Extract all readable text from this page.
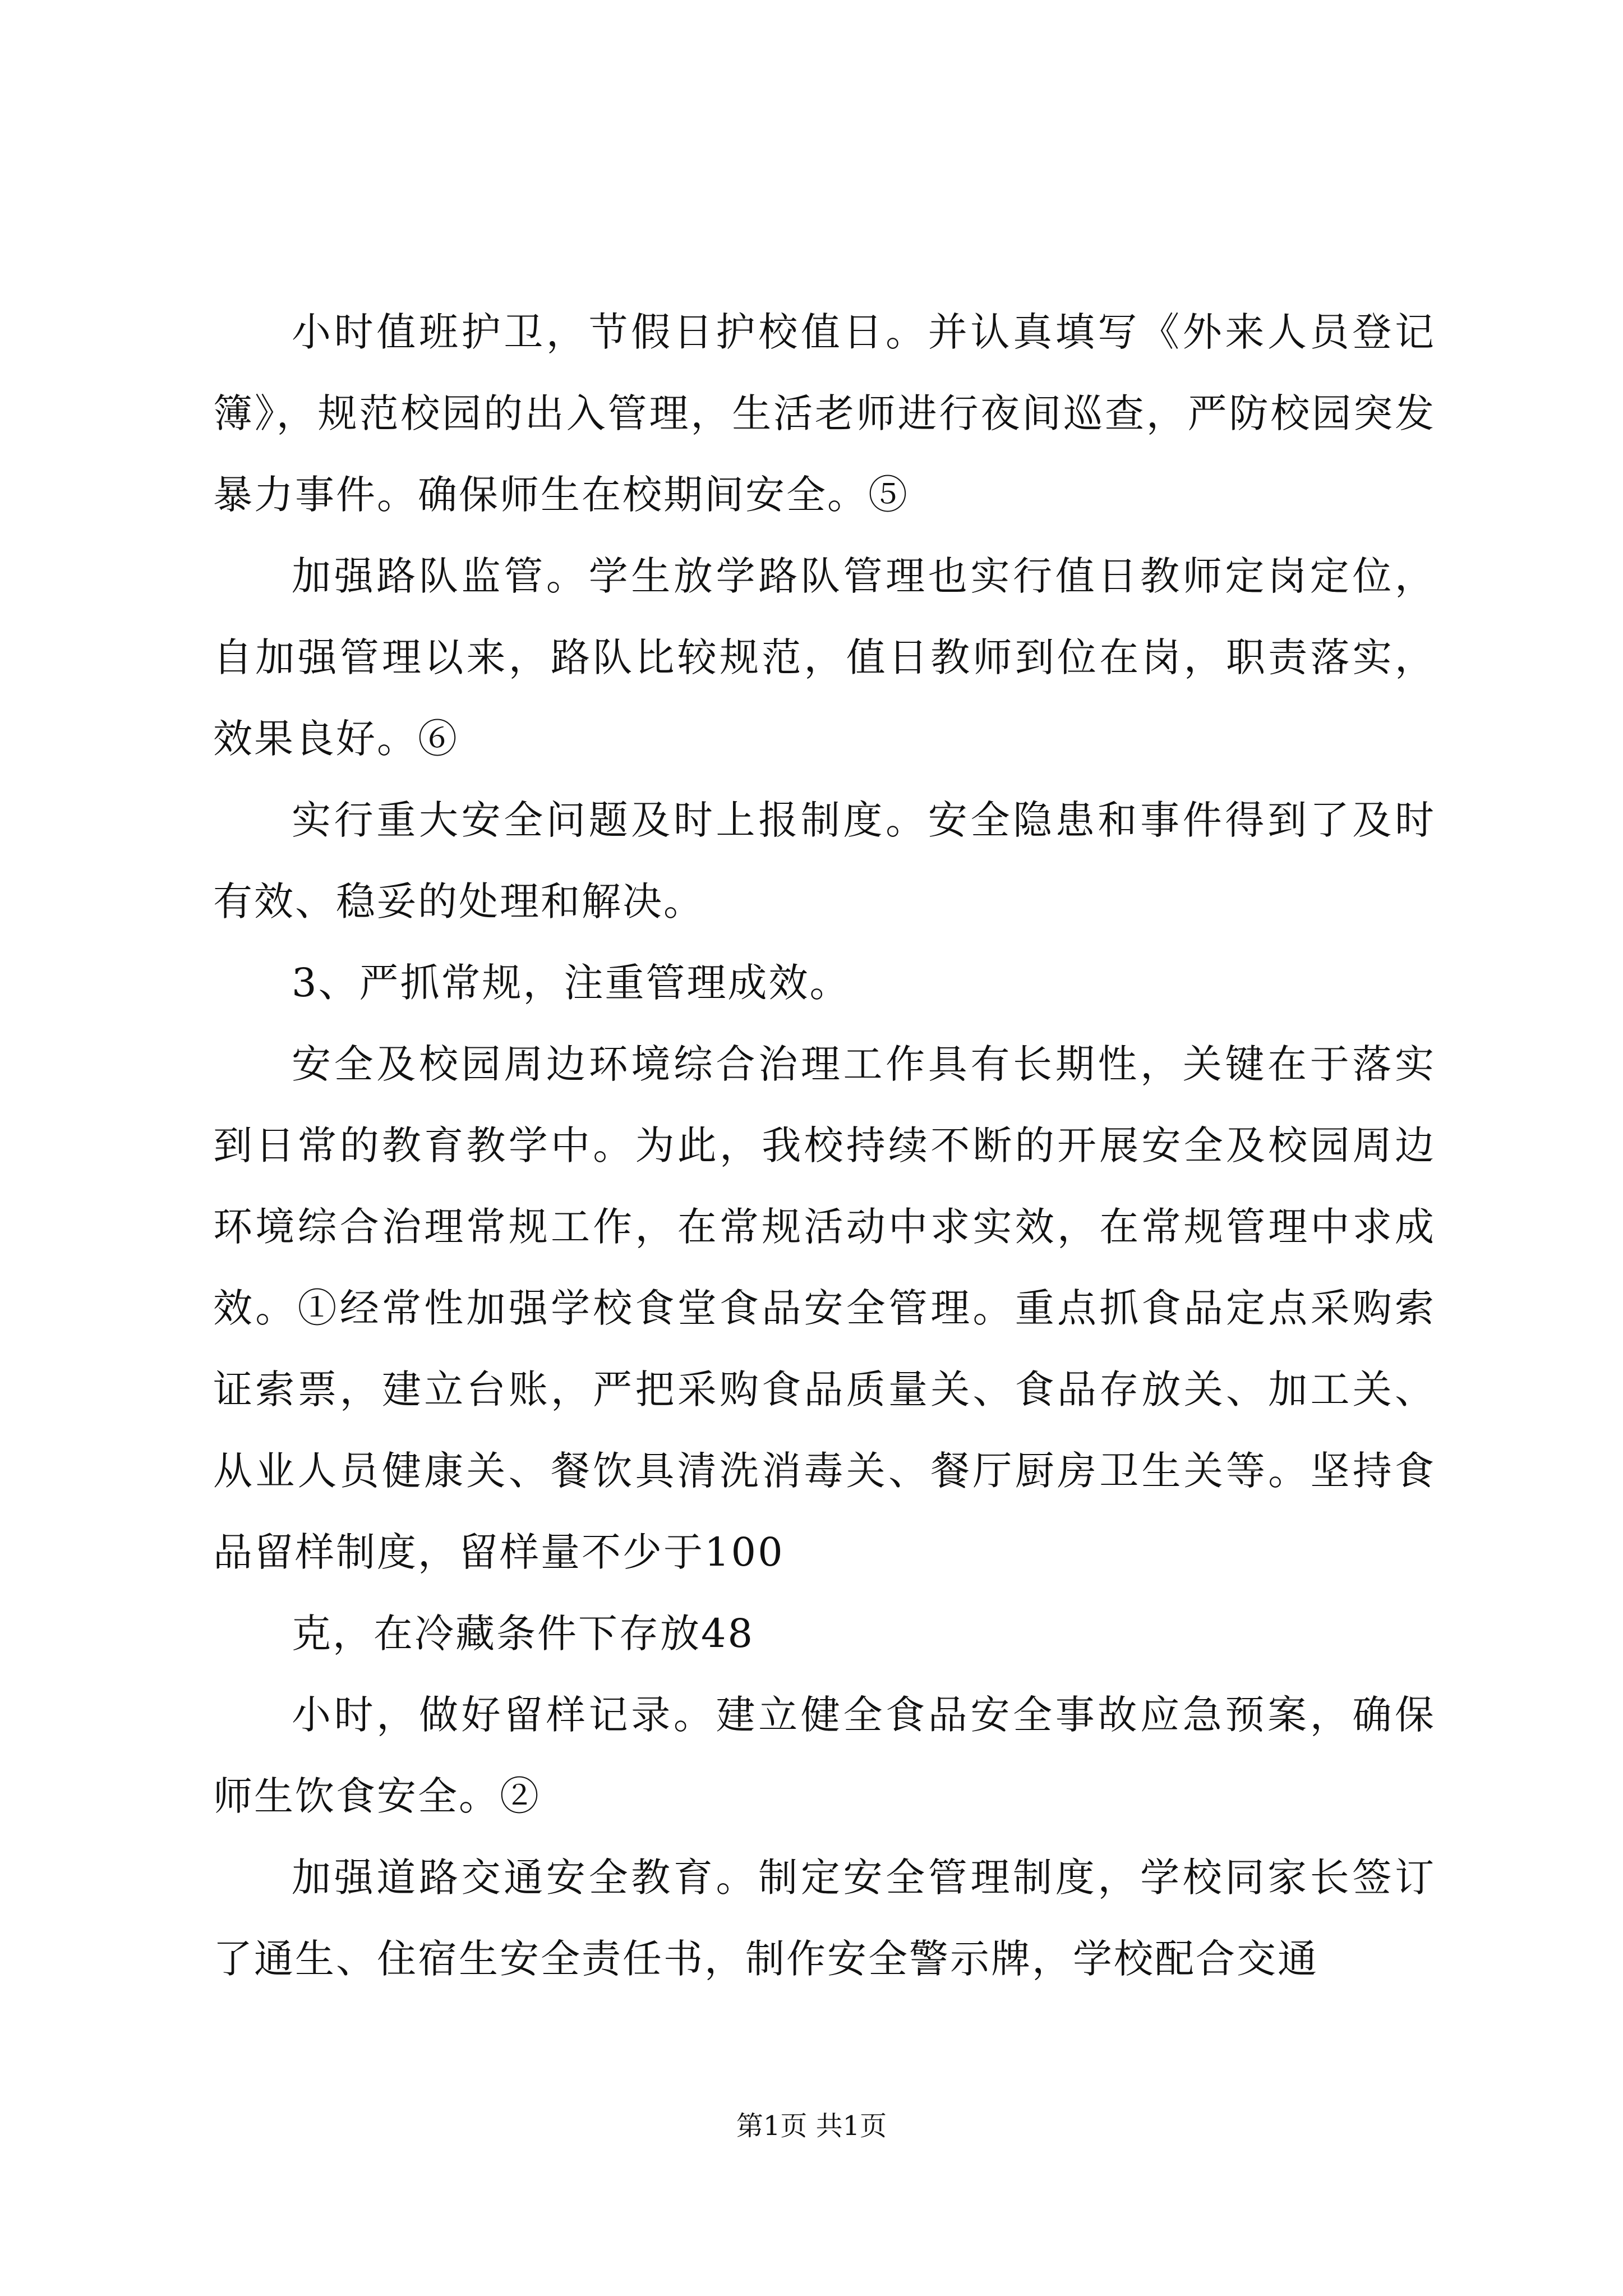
小时值班护卫，节假日护校值日。并认真填写《外来人员登记簿》，规范校园的出入管理，生活老师进行夜间巡查，严防校园突发暴力事件。确保师生在校期间安全。⑤

加强路队监管。学生放学路队管理也实行值日教师定岗定位，自加强管理以来，路队比较规范，值日教师到位在岗，职责落实，效果良好。⑥

实行重大安全问题及时上报制度。安全隐患和事件得到了及时有效、稳妥的处理和解决。

3、严抓常规，注重管理成效。

安全及校园周边环境综合治理工作具有长期性，关键在于落实到日常的教育教学中。为此，我校持续不断的开展安全及校园周边环境综合治理常规工作，在常规活动中求实效，在常规管理中求成效。①经常性加强学校食堂食品安全管理。重点抓食品定点采购索证索票，建立台账，严把采购食品质量关、食品存放关、加工关、从业人员健康关、餐饮具清洗消毒关、餐厅厨房卫生关等。坚持食品留样制度，留样量不少于100

克，在冷藏条件下存放48

小时，做好留样记录。建立健全食品安全事故应急预案，确保师生饮食安全。②

加强道路交通安全教育。制定安全管理制度，学校同家长签订了通生、住宿生安全责任书，制作安全警示牌，学校配合交通

第1页 共1页
